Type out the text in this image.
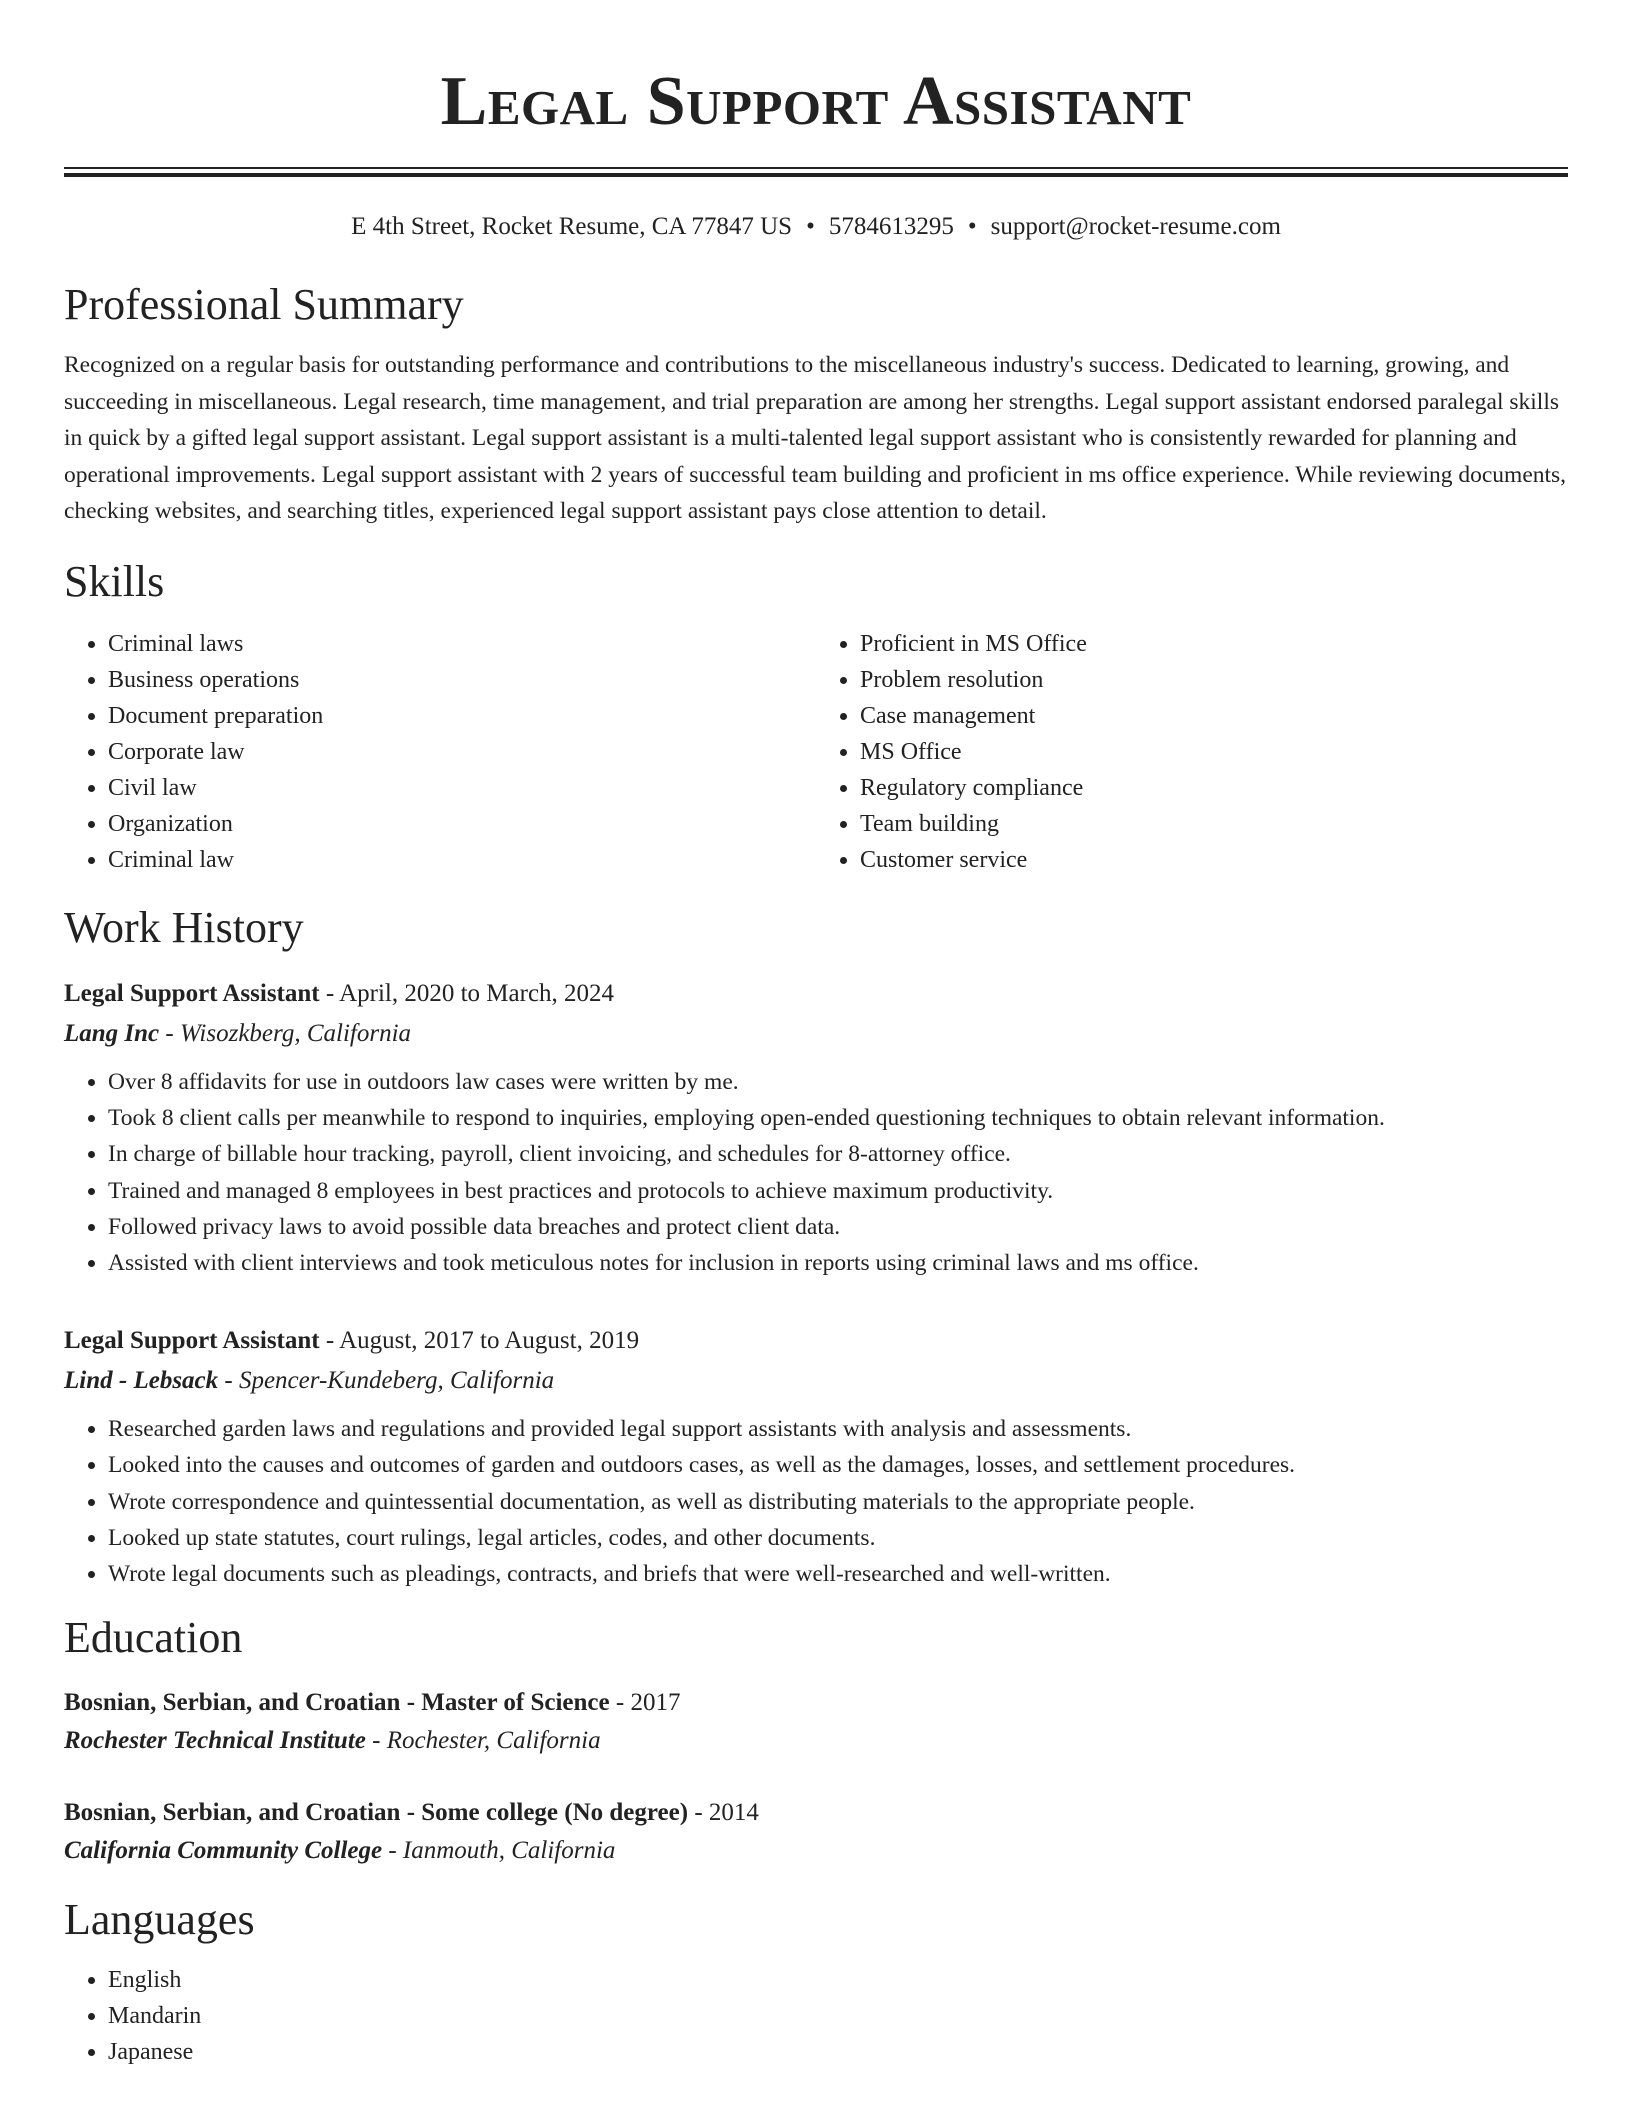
Legal Support Assistant
E 4th Street, Rocket Resume, CA 77847 US • 5784613295 • support@rocket-resume.com
Professional Summary

Recognized on a regular basis for outstanding performance and contributions to the miscellaneous industry's success. Dedicated to learning, growing, and succeeding in miscellaneous. Legal research, time management, and trial preparation are among her strengths. Legal support assistant endorsed paralegal skills in quick by a gifted legal support assistant. Legal support assistant is a multi-talented legal support assistant who is consistently rewarded for planning and operational improvements. Legal support assistant with 2 years of successful team building and proficient in ms office experience. While reviewing documents, checking websites, and searching titles, experienced legal support assistant pays close attention to detail.

Skills
• Criminal laws
• Business operations
• Document preparation
• Corporate law
• Civil law
• Organization
• Criminal law
• Proficient in MS Office
• Problem resolution
• Case management
• MS Office
• Regulatory compliance
• Team building
• Customer service
Work History
Legal Support Assistant - April, 2020 to March, 2024
Lang Inc - Wisozkberg, California
• Over 8 affidavits for use in outdoors law cases were written by me.
• Took 8 client calls per meanwhile to respond to inquiries, employing open-ended questioning techniques to obtain relevant information.
• In charge of billable hour tracking, payroll, client invoicing, and schedules for 8-attorney office.
• Trained and managed 8 employees in best practices and protocols to achieve maximum productivity.
• Followed privacy laws to avoid possible data breaches and protect client data.
• Assisted with client interviews and took meticulous notes for inclusion in reports using criminal laws and ms office.
Legal Support Assistant - August, 2017 to August, 2019
Lind - Lebsack - Spencer-Kundeberg, California
• Researched garden laws and regulations and provided legal support assistants with analysis and assessments.
• Looked into the causes and outcomes of garden and outdoors cases, as well as the damages, losses, and settlement procedures.
• Wrote correspondence and quintessential documentation, as well as distributing materials to the appropriate people.
• Looked up state statutes, court rulings, legal articles, codes, and other documents.
• Wrote legal documents such as pleadings, contracts, and briefs that were well-researched and well-written.
Education
Bosnian, Serbian, and Croatian - Master of Science - 2017
Rochester Technical Institute - Rochester, California
Bosnian, Serbian, and Croatian - Some college (No degree) - 2014
California Community College - Ianmouth, California
Languages
• English
• Mandarin
• Japanese
